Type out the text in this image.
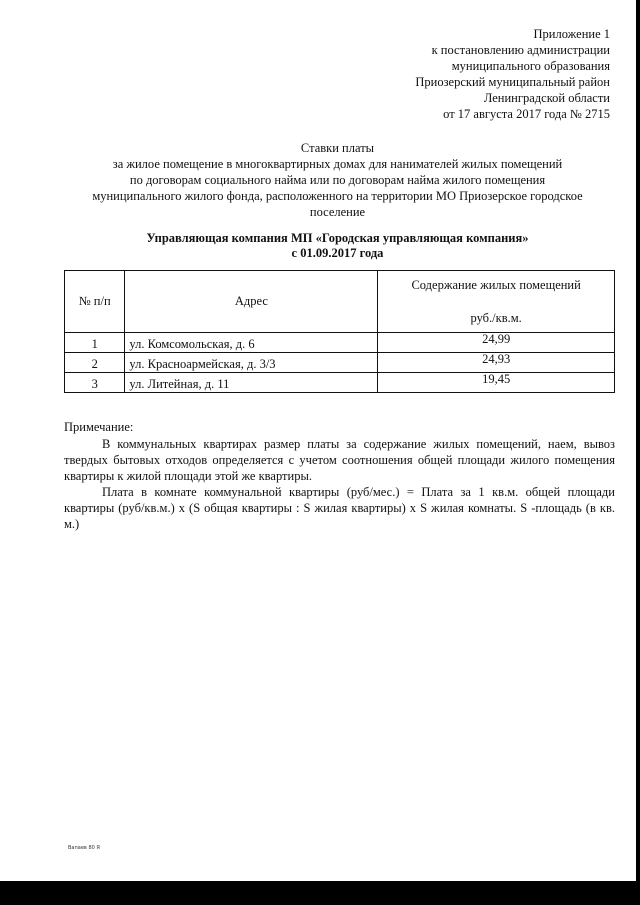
Приложение 1
к постановлению администрации
муниципального образования
Приозерский муниципальный район
Ленинградской области
от 17 августа 2017 года № 2715
Ставки платы
за жилое помещение в многоквартирных домах для нанимателей жилых помещений
по договорам социального найма или по договорам найма жилого помещения
муниципального жилого фонда, расположенного на территории МО Приозерское городское
поселение
Управляющая компания МП «Городская управляющая компания»
с 01.09.2017 года
№ п/п	Адрес	Содержание жилых помещений
руб./кв.м.

1	ул. Комсомольская, д. 6	24,99
2	ул. Красноармейская, д. 3/3	24,93
3	ул. Литейная, д. 11	19,45
Примечание:

В коммунальных квартирах размер платы за содержание жилых помещений, наем, вывоз твердых бытовых отходов определяется с учетом соотношения общей площади жилого помещения квартиры к жилой площади этой же квартиры.

Плата в комнате коммунальной квартиры (руб/мес.) = Плата за 1 кв.м. общей площади квартиры (руб/кв.м.) х (S общая квартиры : S жилая квартиры) x S жилая комнаты. S -площадь (в кв. м.)

Вапаев 80 Я
